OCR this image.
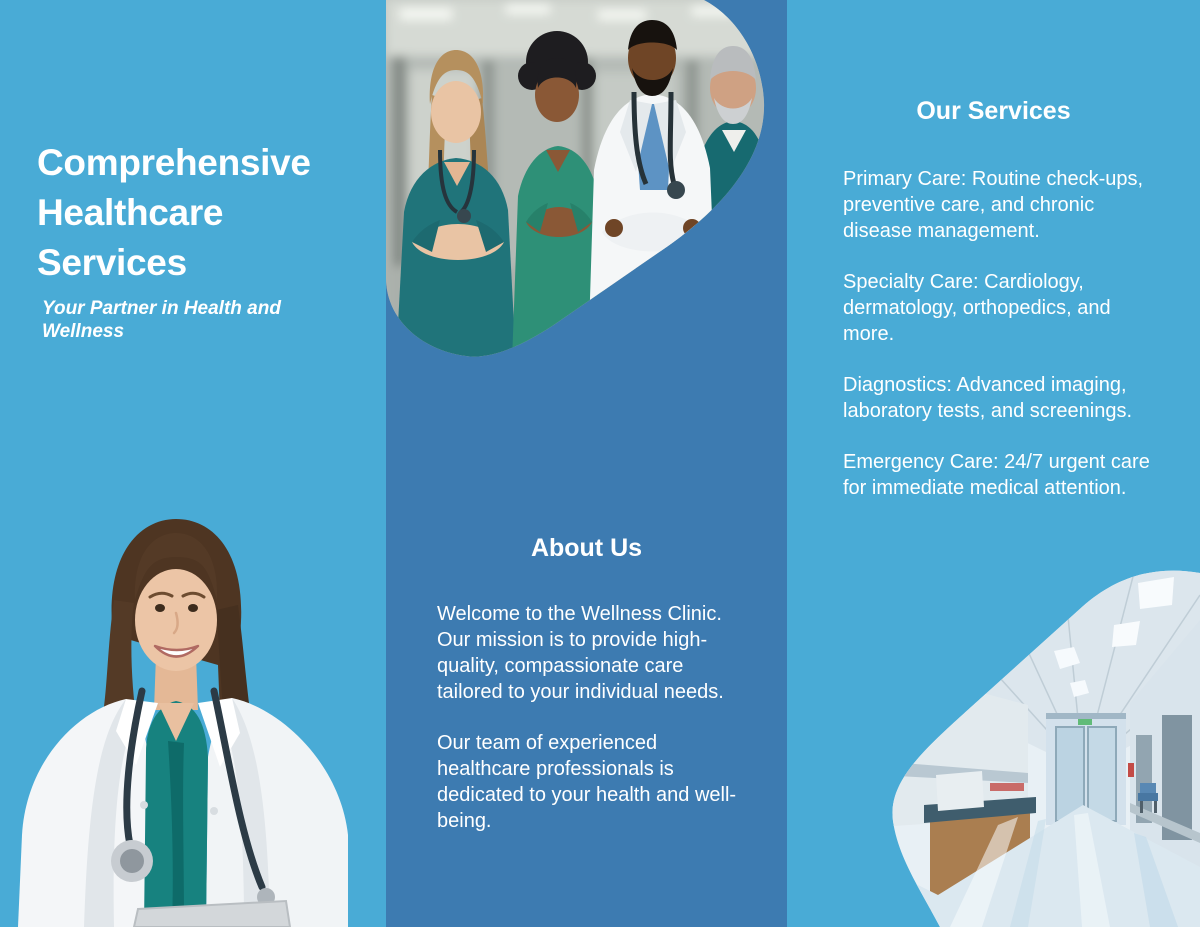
Comprehensive Healthcare Services
Your Partner in Health and Wellness
About Us

Welcome to the Wellness Clinic. Our mission is to provide high-quality, compassionate care tailored to your individual needs.

Our team of experienced healthcare professionals is dedicated to your health and well-being.

Our Services

Primary Care: Routine check-ups, preventive care, and chronic disease management.

Specialty Care: Cardiology, dermatology, orthopedics, and more.

Diagnostics: Advanced imaging, laboratory tests, and screenings.

Emergency Care: 24/7 urgent care for immediate medical attention.
